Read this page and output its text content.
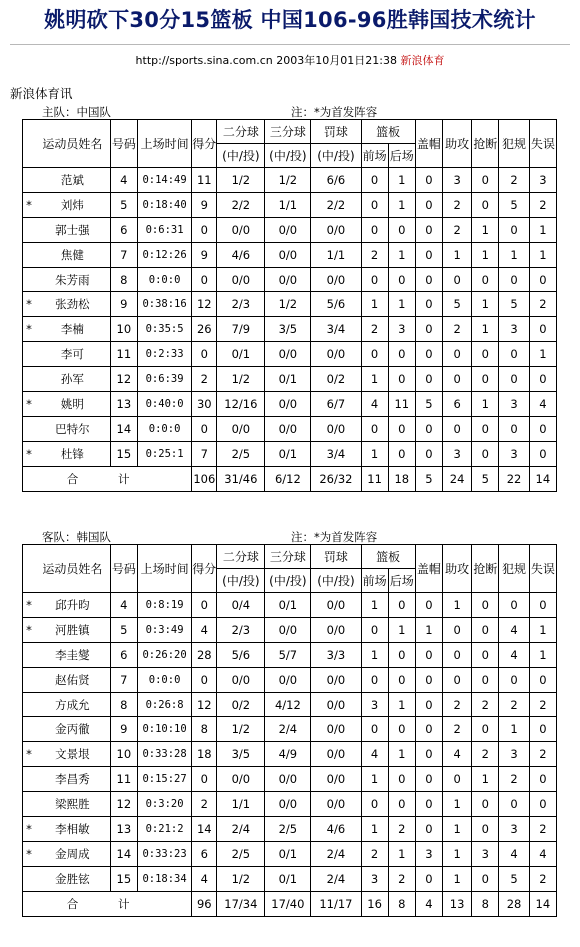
姚明砍下30分15篮板 中国106-96胜韩国技术统计
http://sports.sina.com.cn 2003年10月01日21:38 新浪体育
新浪体育讯
主队：中国队	注：*为首发阵容
	运动员姓名	号码	上场时间	得分	二分球	三分球	罚球	篮板		盖帽	助攻	抢断	犯规	失误
					(中/投)	(中/投)	(中/投)	前场	后场					
	范斌	4	0:14:49	11	1/2	1/2	6/6	0	1	0	3	0	2	3
*	刘炜	5	0:18:40	9	2/2	1/1	2/2	0	1	0	2	0	5	2
	郭士强	6	0:6:31	0	0/0	0/0	0/0	0	0	0	2	1	0	1
	焦健	7	0:12:26	9	4/6	0/0	1/1	2	1	0	1	1	1	1
	朱芳雨	8	0:0:0	0	0/0	0/0	0/0	0	0	0	0	0	0	0
*	张劲松	9	0:38:16	12	2/3	1/2	5/6	1	1	0	5	1	5	2
*	李楠	10	0:35:5	26	7/9	3/5	3/4	2	3	0	2	1	3	0
	李可	11	0:2:33	0	0/1	0/0	0/0	0	0	0	0	0	0	1
	孙军	12	0:6:39	2	1/2	0/1	0/2	1	0	0	0	0	0	0
*	姚明	13	0:40:0	30	12/16	0/0	6/7	4	11	5	6	1	3	4
	巴特尔	14	0:0:0	0	0/0	0/0	0/0	0	0	0	0	0	0	0
*	杜锋	15	0:25:1	7	2/5	0/1	3/4	1	0	0	3	0	3	0
合 计				106	31/46	6/12	26/32	11	18	5	24	5	22	14
客队：韩国队	注：*为首发阵容
	运动员姓名	号码	上场时间	得分	二分球	三分球	罚球	篮板		盖帽	助攻	抢断	犯规	失误
					(中/投)	(中/投)	(中/投)	前场	后场					
*	邱升昀	4	0:8:19	0	0/4	0/1	0/0	1	0	0	1	0	0	0
*	河胜镇	5	0:3:49	4	2/3	0/0	0/0	0	1	1	0	0	4	1
	李圭燮	6	0:26:20	28	5/6	5/7	3/3	1	0	0	0	0	4	1
	赵佑贤	7	0:0:0	0	0/0	0/0	0/0	0	0	0	0	0	0	0
	方成允	8	0:26:8	12	0/2	4/12	0/0	3	1	0	2	2	2	2
	金丙徹	9	0:10:10	8	1/2	2/4	0/0	0	0	0	2	0	1	0
*	文景垠	10	0:33:28	18	3/5	4/9	0/0	4	1	0	4	2	3	2
	李昌秀	11	0:15:27	0	0/0	0/0	0/0	1	0	0	0	1	2	0
	梁熙胜	12	0:3:20	2	1/1	0/0	0/0	0	0	0	1	0	0	0
*	李相敏	13	0:21:2	14	2/4	2/5	4/6	1	2	0	1	0	3	2
*	金周成	14	0:33:23	6	2/5	0/1	2/4	2	1	3	1	3	4	4
	金胜铉	15	0:18:34	4	1/2	0/1	2/4	3	2	0	1	0	5	2
合 计				96	17/34	17/40	11/17	16	8	4	13	8	28	14
